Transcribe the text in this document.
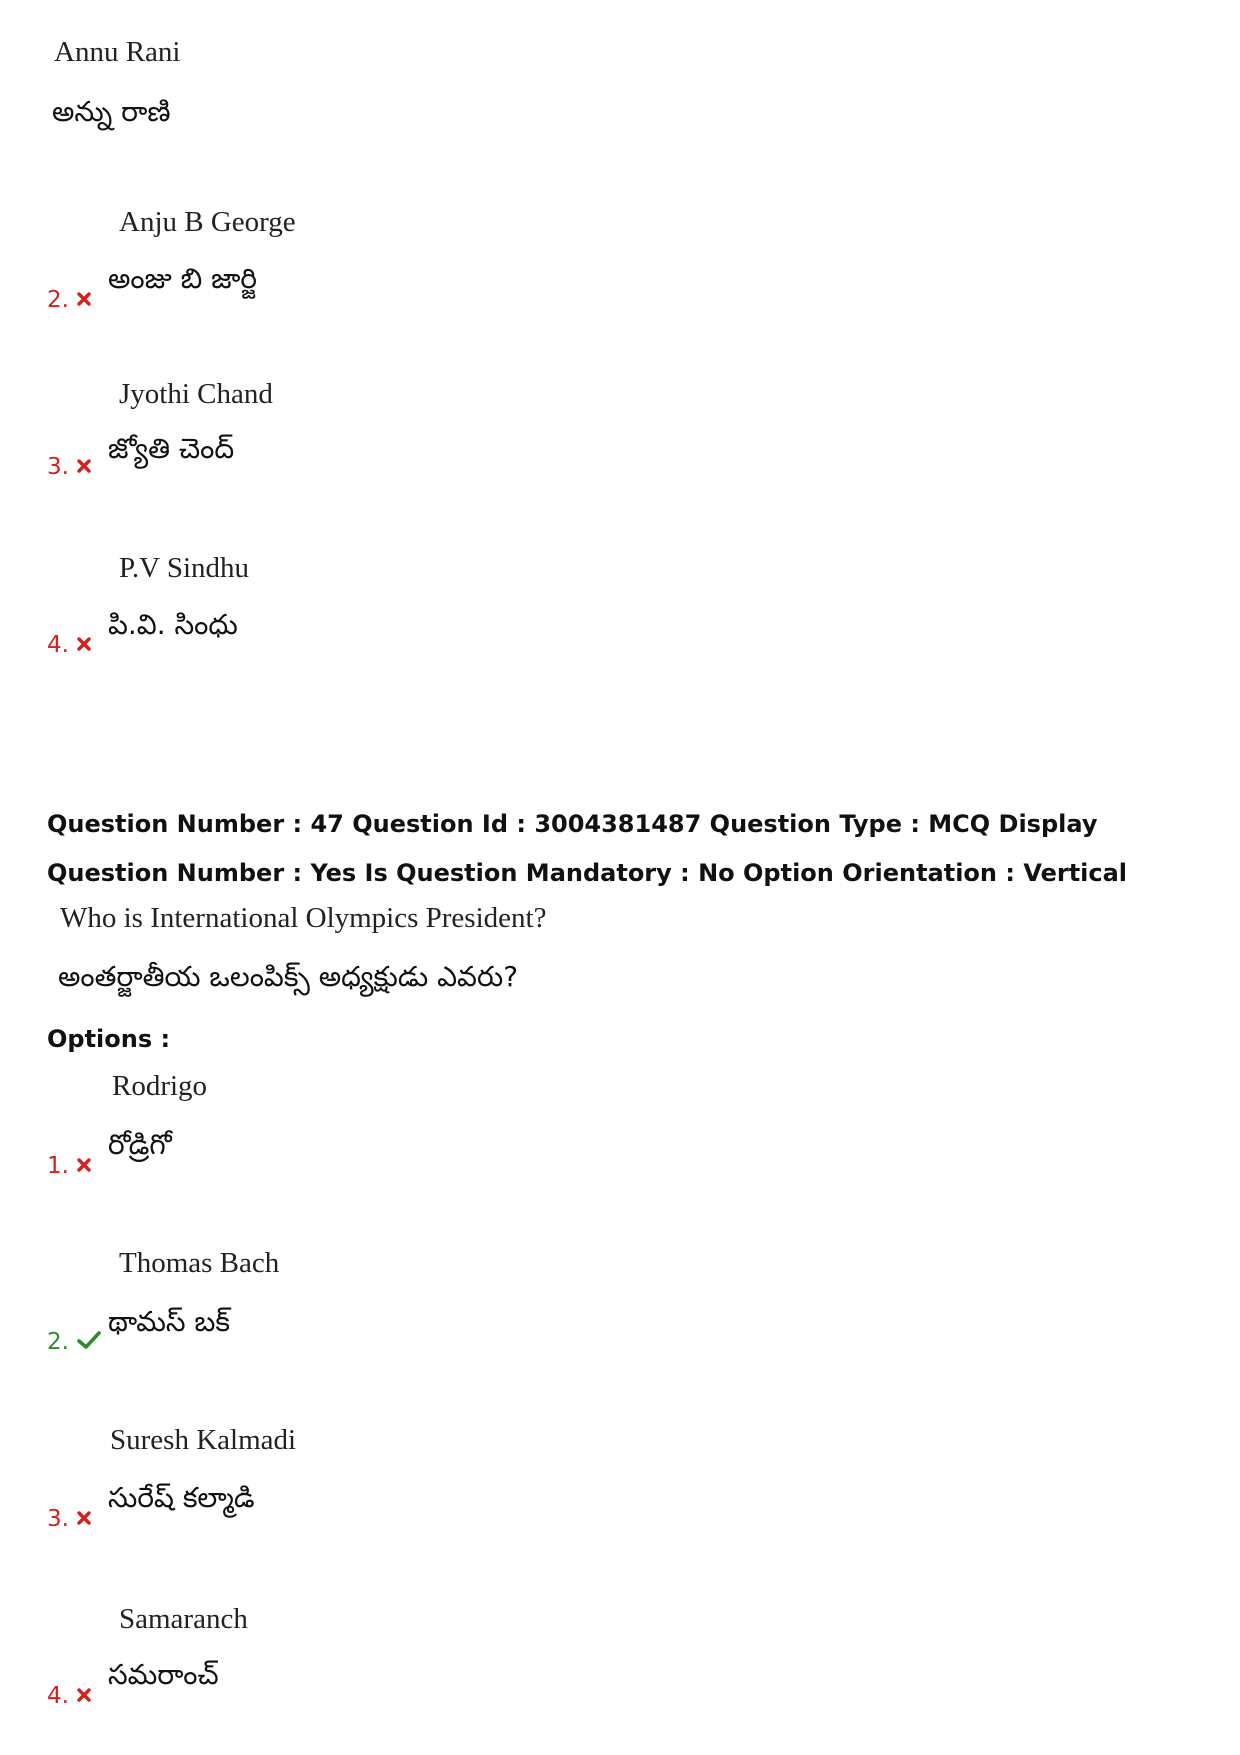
Annu Rani
అన్ను రాణి
Anju B George
అంజు బి జార్జి
2.
Jyothi Chand
జ్యోతి చెంద్
3.
P.V Sindhu
పి.వి. సింధు
4.
Question Number : 47 Question Id : 3004381487 Question Type : MCQ Display Question Number : Yes Is Question Mandatory : No Option Orientation : Vertical
Who is International Olympics President?
అంతర్జాతీయ ఒలంపిక్స్ అధ్యక్షుడు ఎవరు?
Options :
Rodrigo
రోడ్రిగో
1.
Thomas Bach
థామస్ బక్
2.
Suresh Kalmadi
సురేష్ కల్మాడి
3.
Samaranch
సమరాంచ్
4.
